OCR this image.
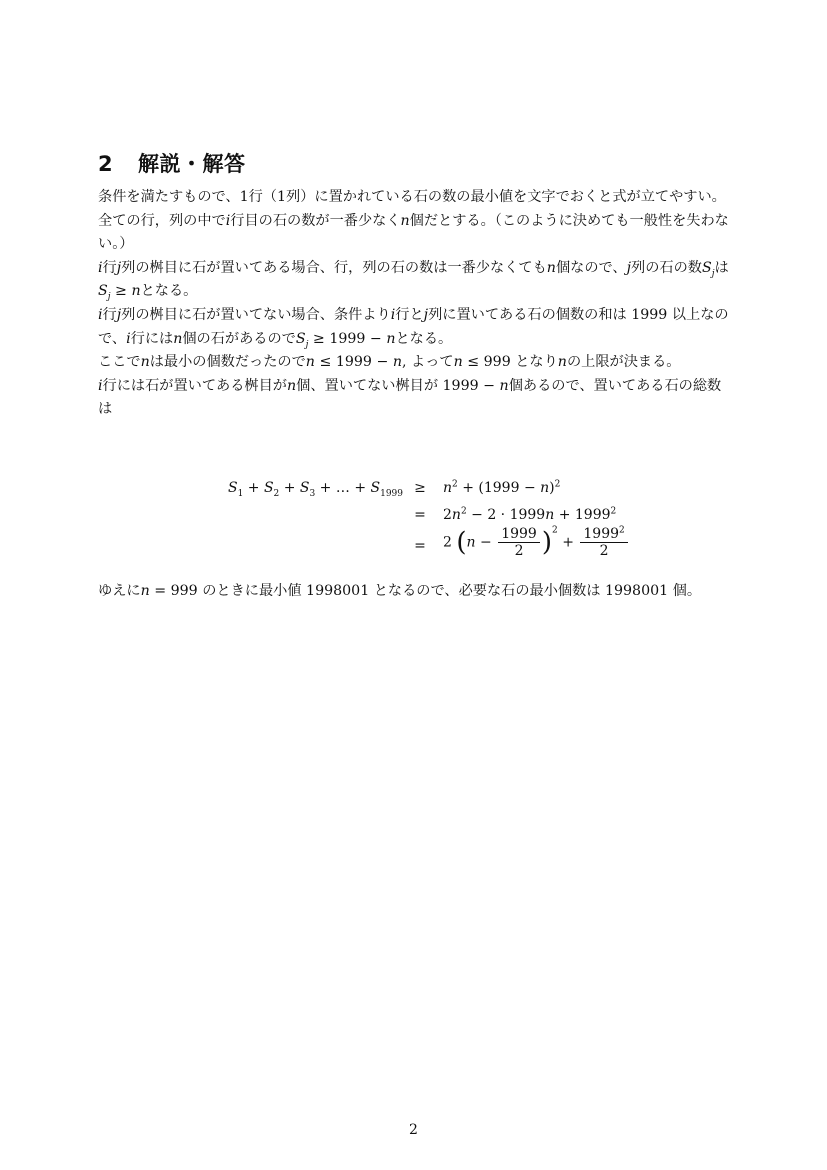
2 解説・解答

条件を満たすもので、1行（1列）に置かれている石の数の最小値を文字でおくと式が立てやすい。

全ての行，列の中でi行目の石の数が一番少なくn個だとする。（このように決めても一般性を失わない。）

i行j列の桝目に石が置いてある場合、行，列の石の数は一番少なくてもn個なので、j列の石の数$S_j$は$S_j \ge n$となる。

i行j列の桝目に石が置いてない場合、条件よりi行とj列に置いてある石の個数の和は 1999 以上なので、i行にはn個の石があるので$S_j \ge 1999 - n$となる。

ここでnは最小の個数だったのでn ≤ 1999 − n, よってn ≤ 999 となりnの上限が決まる。

i行には石が置いてある桝目がn個、置いてない桝目が 1999 − n個あるので、置いてある石の総数は

$S_1 + S_2 + S_3$ + … + $S_{1999} \ge n^2 + (1999 - n)^2$
= $2n^2 - 2 \cdot 1999n + 1999^2$
= 2 $(n - \frac{1999}{2} )^2 + \frac{1999^2}{2}$
ゆえにn = 999 のときに最小値 1998001 となるので、必要な石の最小個数は 1998001 個。
2
